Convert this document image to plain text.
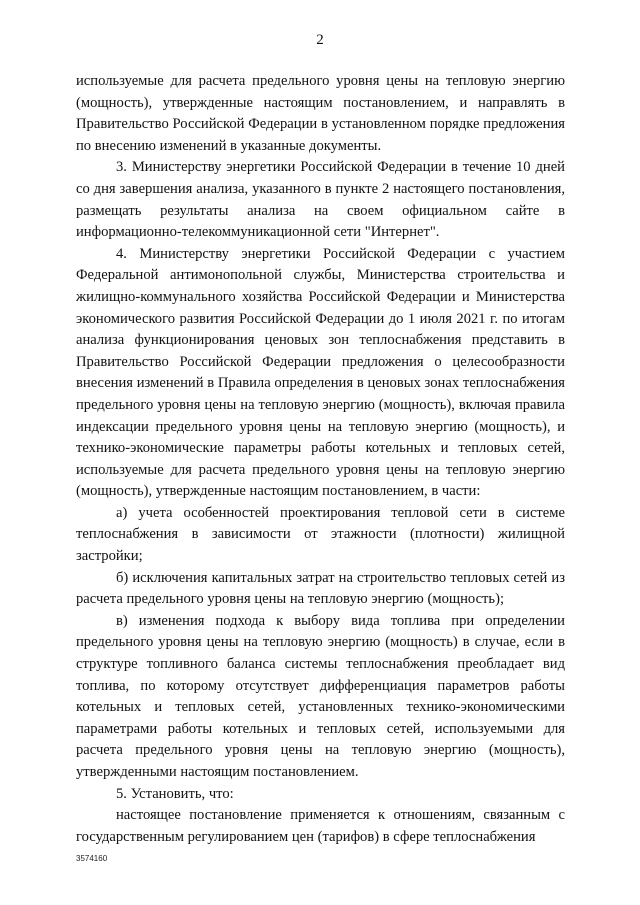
2

используемые для расчета предельного уровня цены на тепловую энергию (мощность), утвержденные настоящим постановлением, и направлять в Правительство Российской Федерации в установленном порядке предложения по внесению изменений в указанные документы.

3. Министерству энергетики Российской Федерации в течение 10 дней со дня завершения анализа, указанного в пункте 2 настоящего постановления, размещать результаты анализа на своем официальном сайте в информационно-телекоммуникационной сети "Интернет".

4. Министерству энергетики Российской Федерации с участием Федеральной антимонопольной службы, Министерства строительства и жилищно-коммунального хозяйства Российской Федерации и Министерства экономического развития Российской Федерации до 1 июля 2021 г. по итогам анализа функционирования ценовых зон теплоснабжения представить в Правительство Российской Федерации предложения о целесообразности внесения изменений в Правила определения в ценовых зонах теплоснабжения предельного уровня цены на тепловую энергию (мощность), включая правила индексации предельного уровня цены на тепловую энергию (мощность), и технико-экономические параметры работы котельных и тепловых сетей, используемые для расчета предельного уровня цены на тепловую энергию (мощность), утвержденные настоящим постановлением, в части:

а) учета особенностей проектирования тепловой сети в системе теплоснабжения в зависимости от этажности (плотности) жилищной застройки;

б) исключения капитальных затрат на строительство тепловых сетей из расчета предельного уровня цены на тепловую энергию (мощность);

в) изменения подхода к выбору вида топлива при определении предельного уровня цены на тепловую энергию (мощность) в случае, если в структуре топливного баланса системы теплоснабжения преобладает вид топлива, по которому отсутствует дифференциация параметров работы котельных и тепловых сетей, установленных технико-экономическими параметрами работы котельных и тепловых сетей, используемыми для расчета предельного уровня цены на тепловую энергию (мощность), утвержденными настоящим постановлением.

5. Установить, что:

настоящее постановление применяется к отношениям, связанным с государственным регулированием цен (тарифов) в сфере теплоснабжения

3574160
